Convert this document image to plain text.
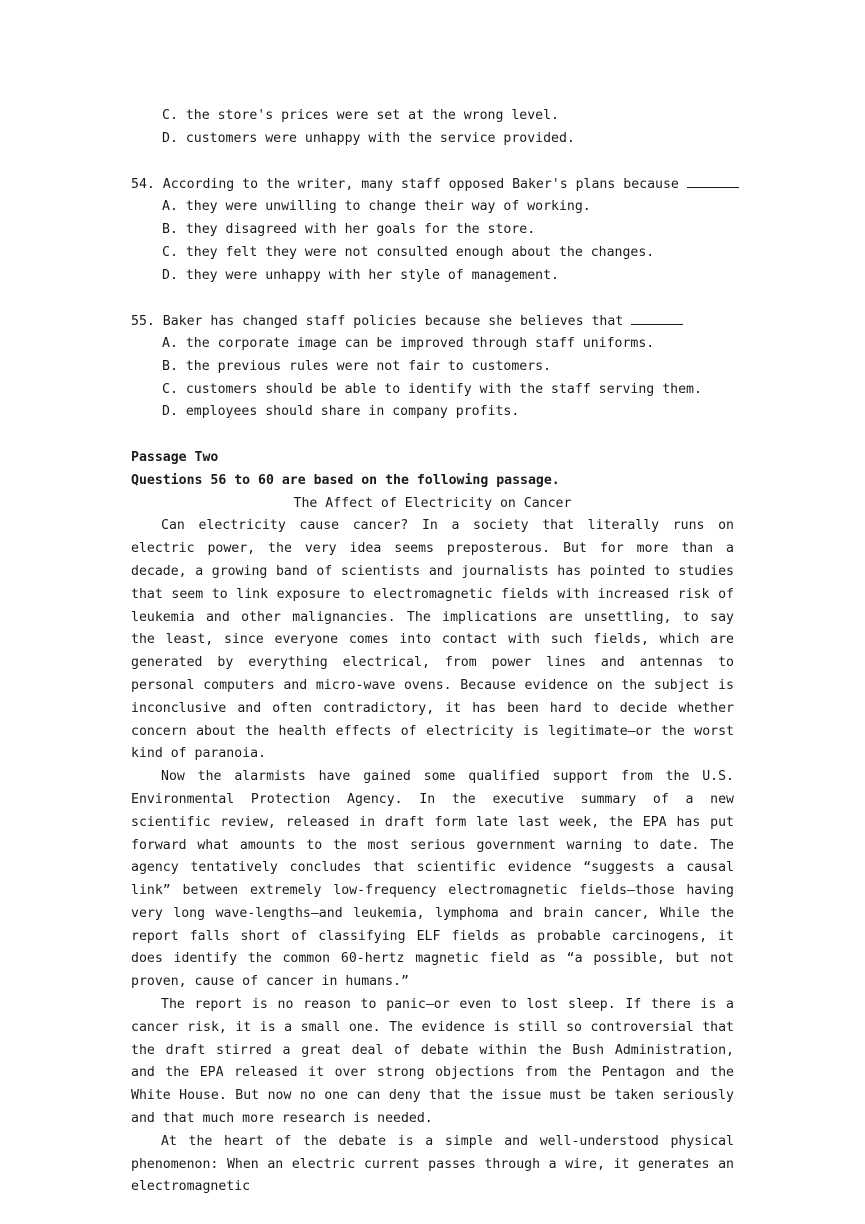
C. the store's prices were set at the wrong level.
D. customers were unhappy with the service provided.
54. According to the writer, many staff opposed Baker's plans because
A. they were unwilling to change their way of working.
B. they disagreed with her goals for the store.
C. they felt they were not consulted enough about the changes.
D. they were unhappy with her style of management.
55. Baker has changed staff policies because she believes that
A. the corporate image can be improved through staff uniforms.
B. the previous rules were not fair to customers.
C. customers should be able to identify with the staff serving them.
D. employees should share in company profits.
Passage Two
Questions 56 to 60 are based on the following passage.
The Affect of Electricity on Cancer

Can electricity cause cancer? In a society that literally runs on electric power, the very idea seems preposterous. But for more than a decade, a growing band of scientists and journalists has pointed to studies that seem to link exposure to electromagnetic fields with increased risk of leukemia and other malignancies. The implications are unsettling, to say the least, since everyone comes into contact with such fields, which are generated by everything electrical, from power lines and antennas to personal computers and micro-wave ovens. Because evidence on the subject is inconclusive and often contradictory, it has been hard to decide whether concern about the health effects of electricity is legitimate—or the worst kind of paranoia.

Now the alarmists have gained some qualified support from the U.S. Environmental Protection Agency. In the executive summary of a new scientific review, released in draft form late last week, the EPA has put forward what amounts to the most serious government warning to date. The agency tentatively concludes that scientific evidence “suggests a causal link” between extremely low-frequency electromagnetic fields—those having very long wave-lengths—and leukemia, lymphoma and brain cancer, While the report falls short of classifying ELF fields as probable carcinogens, it does identify the common 60-hertz magnetic field as “a possible, but not proven, cause of cancer in humans.”

The report is no reason to panic—or even to lost sleep. If there is a cancer risk, it is a small one. The evidence is still so controversial that the draft stirred a great deal of debate within the Bush Administration, and the EPA released it over strong objections from the Pentagon and the White House. But now no one can deny that the issue must be taken seriously and that much more research is needed.

At the heart of the debate is a simple and well-understood physical phenomenon: When an electric current passes through a wire, it generates an electromagnetic
